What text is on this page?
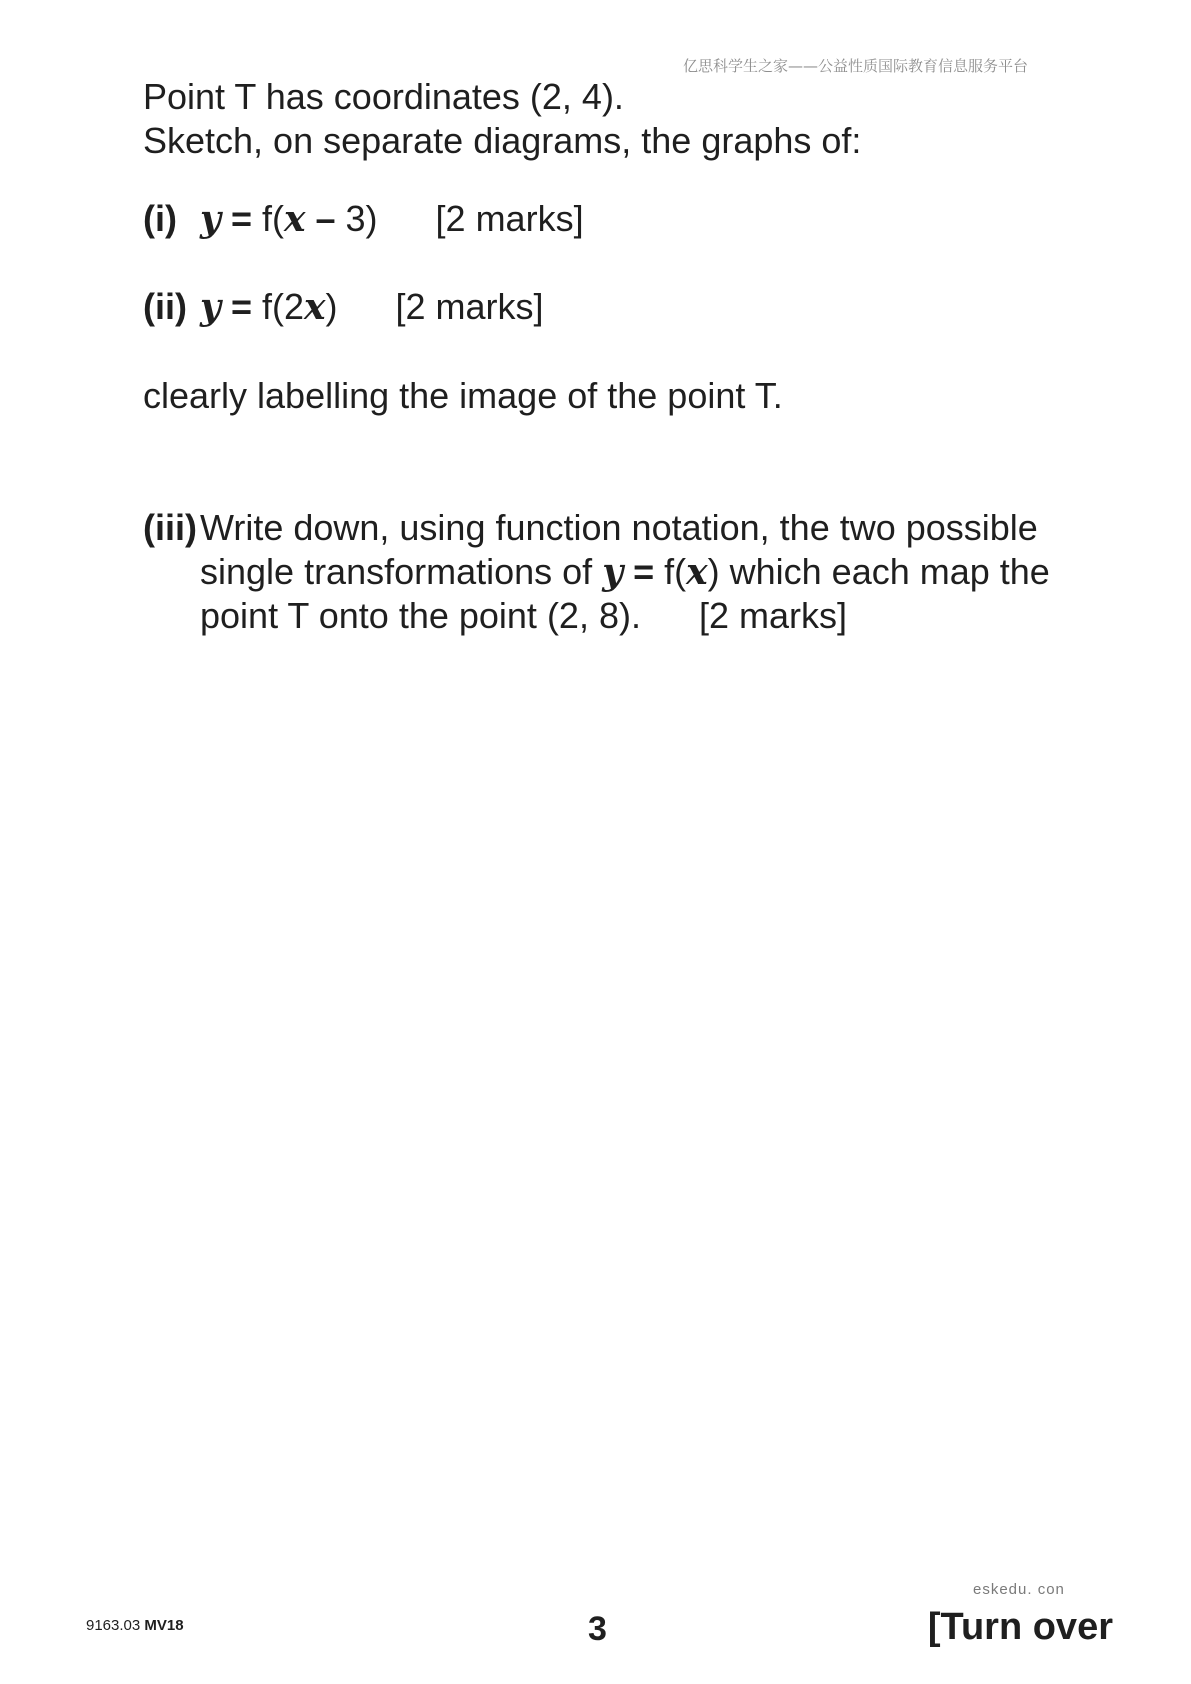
亿思科学生之家——公益性质国际教育信息服务平台
Point T has coordinates (2, 4).
Sketch, on separate diagrams, the graphs of:
(i) y = f(x – 3) [2 marks]
(ii) y = f(2x) [2 marks]
clearly labelling the image of the point T.
(iii) Write down, using function notation, the two possible
single transformations of y = f(x) which each map the
point T onto the point (2, 8). [2 marks]
eskedu. con
9163.03 MV18	3	[Turn over
